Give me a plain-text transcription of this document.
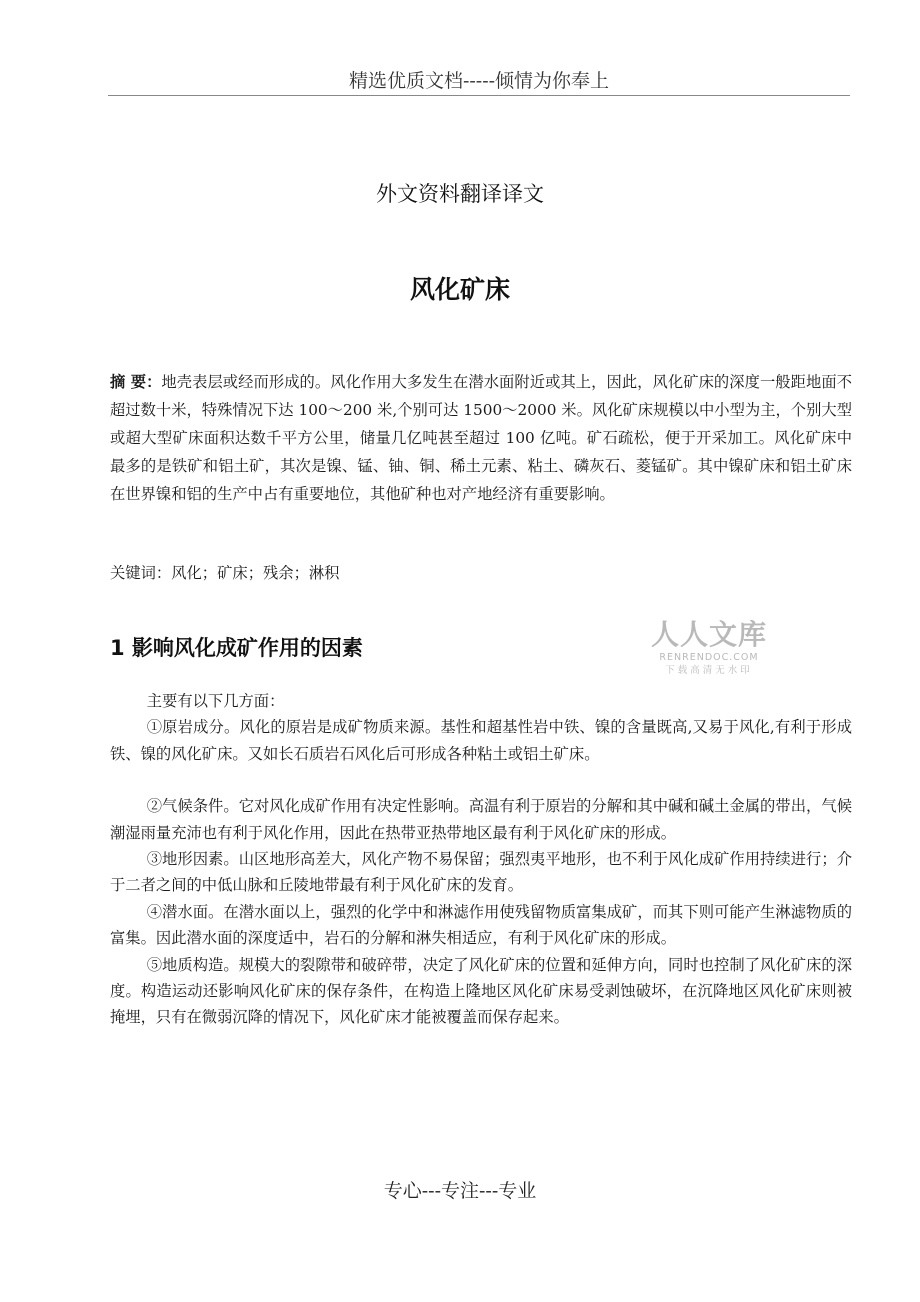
精选优质文档-----倾情为你奉上
外文资料翻译译文
风化矿床

摘 要：地壳表层或经而形成的。风化作用大多发生在潜水面附近或其上，因此，风化矿床的深度一般距地面不超过数十米，特殊情况下达 100～200 米,个别可达 1500～2000 米。风化矿床规模以中小型为主，个别大型或超大型矿床面积达数千平方公里，储量几亿吨甚至超过 100 亿吨。矿石疏松，便于开采加工。风化矿床中最多的是铁矿和铝土矿，其次是镍、锰、铀、铜、稀土元素、粘土、磷灰石、菱锰矿。其中镍矿床和铝土矿床在世界镍和铝的生产中占有重要地位，其他矿种也对产地经济有重要影响。

关键词：风化；矿床；残余；淋积

1 影响风化成矿作用的因素	人人文库
RENRENDOC.COM
下载高清无水印

主要有以下几方面：

①原岩成分。风化的原岩是成矿物质来源。基性和超基性岩中铁、镍的含量既高,又易于风化,有利于形成铁、镍的风化矿床。又如长石质岩石风化后可形成各种粘土或铝土矿床。

②气候条件。它对风化成矿作用有决定性影响。高温有利于原岩的分解和其中碱和碱土金属的带出，气候潮湿雨量充沛也有利于风化作用，因此在热带亚热带地区最有利于风化矿床的形成。

③地形因素。山区地形高差大，风化产物不易保留；强烈夷平地形，也不利于风化成矿作用持续进行；介于二者之间的中低山脉和丘陵地带最有利于风化矿床的发育。

④潜水面。在潜水面以上，强烈的化学中和淋滤作用使残留物质富集成矿，而其下则可能产生淋滤物质的富集。因此潜水面的深度适中，岩石的分解和淋失相适应，有利于风化矿床的形成。

⑤地质构造。规模大的裂隙带和破碎带，决定了风化矿床的位置和延伸方向，同时也控制了风化矿床的深度。构造运动还影响风化矿床的保存条件，在构造上隆地区风化矿床易受剥蚀破坏，在沉降地区风化矿床则被掩埋，只有在微弱沉降的情况下，风化矿床才能被覆盖而保存起来。

专心---专注---专业
